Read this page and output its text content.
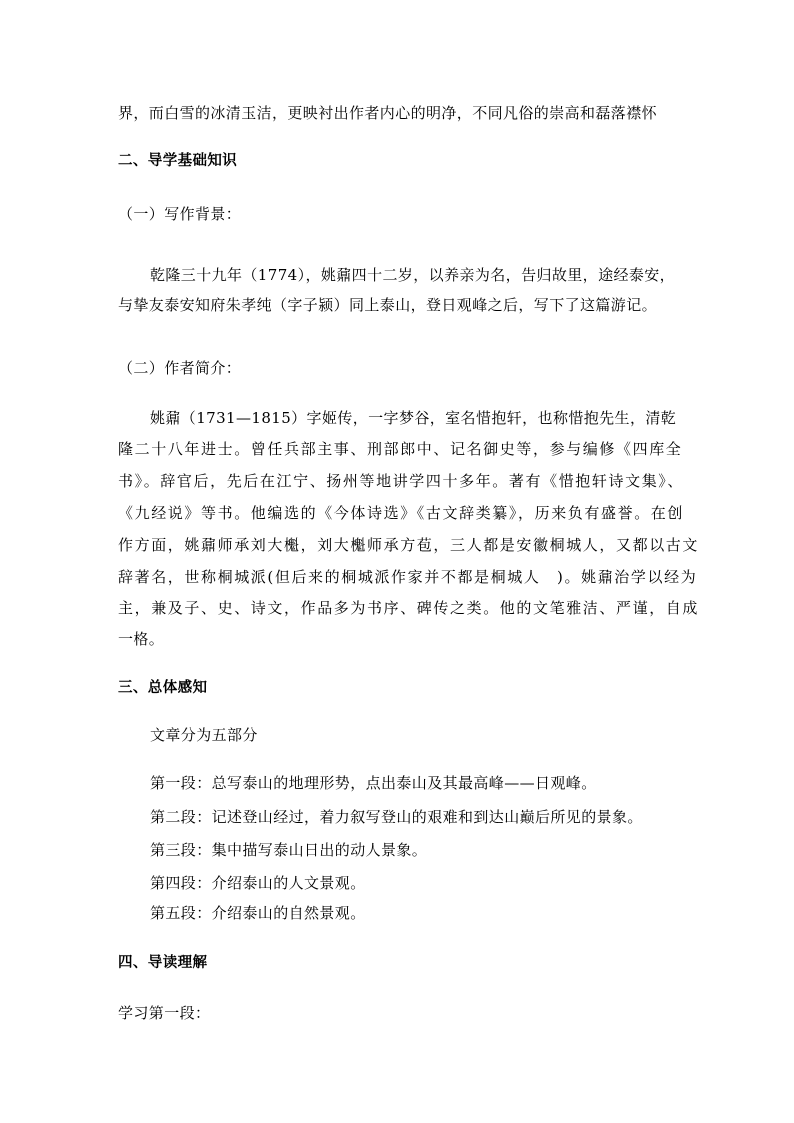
界，而白雪的冰清玉洁，更映衬出作者内心的明净，不同凡俗的崇高和磊落襟怀
二、导学基础知识
（一）写作背景：
乾隆三十九年（1774），姚鼐四十二岁，以养亲为名，告归故里，途经泰安，
与挚友泰安知府朱孝纯（字子颍）同上泰山，登日观峰之后，写下了这篇游记。
（二）作者简介：
姚鼐（1731—1815）字姬传，一字梦谷，室名惜抱轩，也称惜抱先生，清乾
隆二十八年进士。曾任兵部主事、刑部郎中、记名御史等，参与编修《四库全
书》。辞官后，先后在江宁、扬州等地讲学四十多年。著有《惜抱轩诗文集》、
《九经说》等书。他编选的《今体诗选》《古文辞类纂》，历来负有盛誉。在创
作方面，姚鼐师承刘大櫆，刘大櫆师承方苞，三人都是安徽桐城人，又都以古文
辞著名，世称桐城派(但后来的桐城派作家并不都是桐城人　)。姚鼐治学以经为
主，兼及子、史、诗文，作品多为书序、碑传之类。他的文笔雅洁、严谨，自成
一格。
三、总体感知
文章分为五部分
第一段：总写泰山的地理形势，点出泰山及其最高峰——日观峰。
第二段：记述登山经过，着力叙写登山的艰难和到达山巅后所见的景象。
第三段：集中描写泰山日出的动人景象。
第四段：介绍泰山的人文景观。
第五段：介绍泰山的自然景观。
四、导读理解
学习第一段：
